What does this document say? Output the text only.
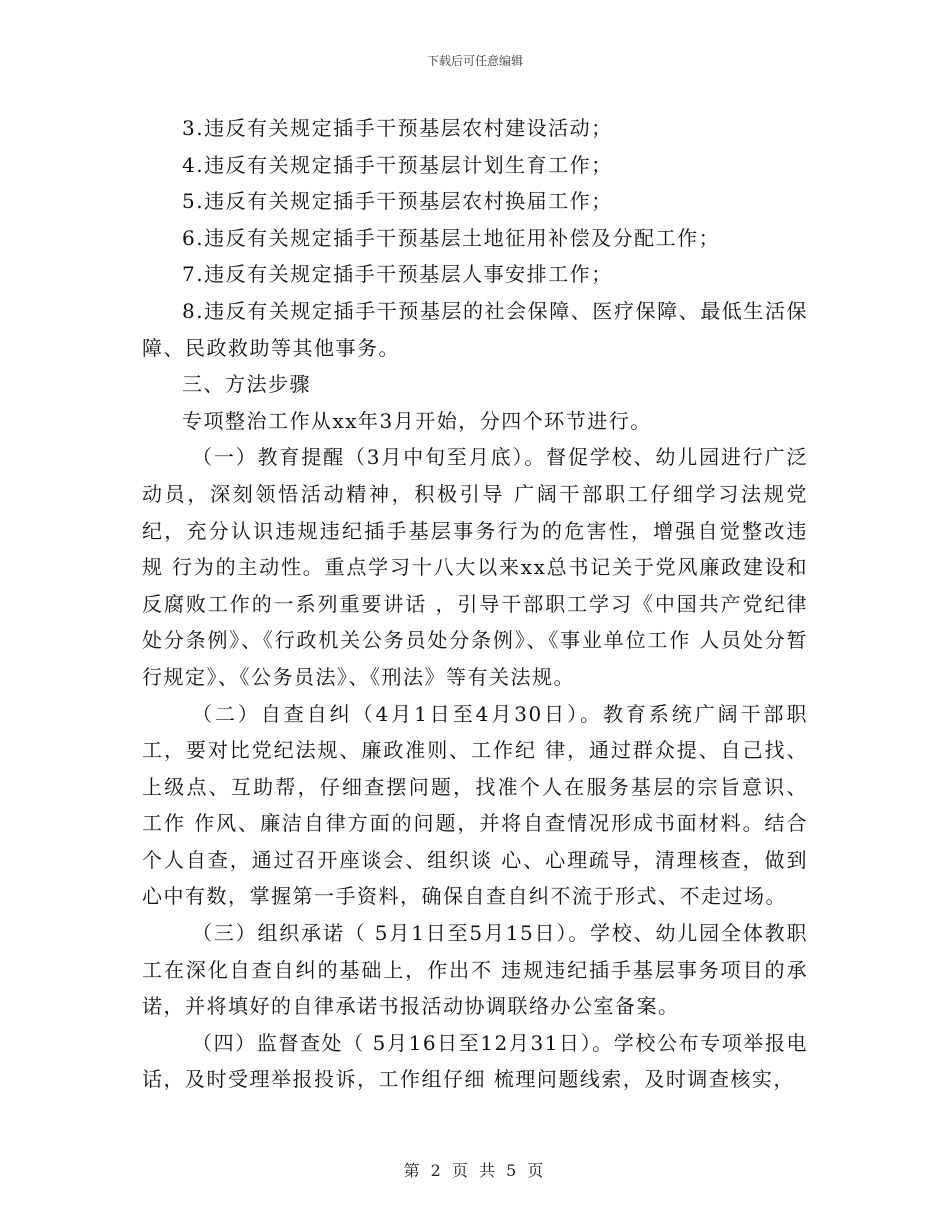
下载后可任意编辑

3.违反有关规定插手干预基层农村建设活动；

4.违反有关规定插手干预基层计划生育工作；

5.违反有关规定插手干预基层农村换届工作；

6.违反有关规定插手干预基层土地征用补偿及分配工作；

7.违反有关规定插手干预基层人事安排工作；

8.违反有关规定插手干预基层的社会保障、医疗保障、最低生活保障、民政救助等其他事务。

三、方法步骤

专项整治工作从xx年3月开始，分四个环节进行。

（一）教育提醒（3月中旬至月底）。督促学校、幼儿园进行广泛动员，深刻领悟活动精神，积极引导 广阔干部职工仔细学习法规党纪，充分认识违规违纪插手基层事务行为的危害性，增强自觉整改违规 行为的主动性。重点学习十八大以来xx总书记关于党风廉政建设和反腐败工作的一系列重要讲话 ，引导干部职工学习《中国共产党纪律处分条例》、《行政机关公务员处分条例》、《事业单位工作 人员处分暂行规定》、《公务员法》、《刑法》等有关法规。

（二）自查自纠（4月1日至4月30日）。教育系统广阔干部职工，要对比党纪法规、廉政准则、工作纪 律，通过群众提、自己找、上级点、互助帮，仔细查摆问题，找准个人在服务基层的宗旨意识、工作 作风、廉洁自律方面的问题，并将自查情况形成书面材料。结合个人自查，通过召开座谈会、组织谈 心、心理疏导，清理核查，做到心中有数，掌握第一手资料，确保自查自纠不流于形式、不走过场。

（三）组织承诺（ 5月1日至5月15日）。学校、幼儿园全体教职工在深化自查自纠的基础上，作出不 违规违纪插手基层事务项目的承诺，并将填好的自律承诺书报活动协调联络办公室备案。

（四）监督查处（ 5月16日至12月31日）。学校公布专项举报电话，及时受理举报投诉，工作组仔细 梳理问题线索，及时调查核实，

第 2 页 共 5 页
